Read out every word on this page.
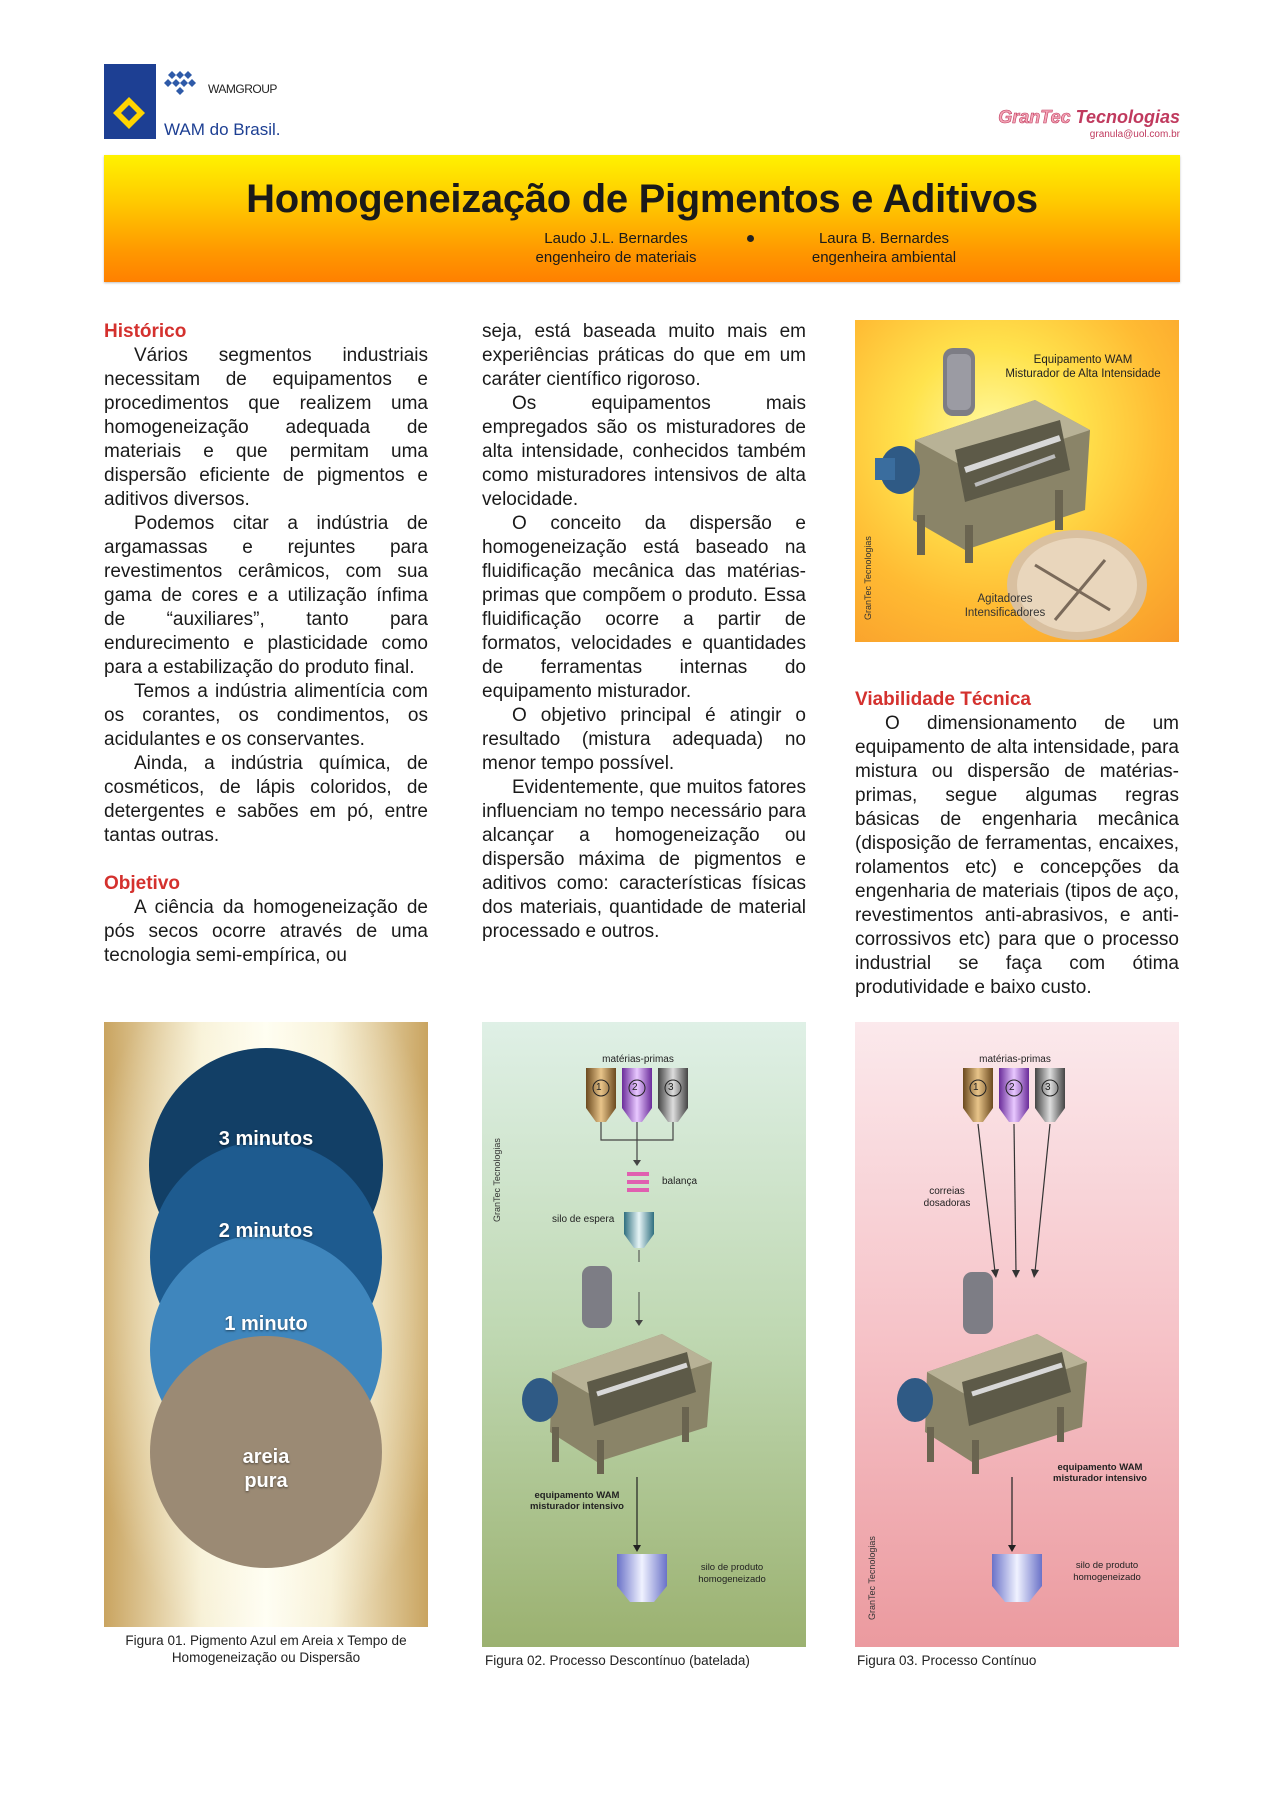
WAMGROUP
WAM do Brasil.
GranTec Tecnologias
granula@uol.com.br
Homogeneização de Pigmentos e Aditivos
Laudo J.L. Bernardes
engenheiro de materiais
Laura B. Bernardes
engenheira ambiental
Histórico

Vários segmentos industriais necessitam de equipamentos e procedimentos que realizem uma homogeneização adequada de materiais e que permitam uma dispersão eficiente de pigmentos e aditivos diversos.

Podemos citar a indústria de argamassas e rejuntes para revestimentos cerâmicos, com sua gama de cores e a utilização ínfima de “auxiliares”, tanto para endurecimento e plasticidade como para a estabilização do produto final.

Temos a indústria alimentícia com os corantes, os condimentos, os acidulantes e os conservantes.

Ainda, a indústria química, de cosméticos, de lápis coloridos, de detergentes e sabões em pó, entre tantas outras.

Objetivo

A ciência da homogeneização de pós secos ocorre através de uma tecnologia semi-empírica, ou

seja, está baseada muito mais em experiências práticas do que em um caráter científico rigoroso.

Os equipamentos mais empregados são os misturadores de alta intensidade, conhecidos também como misturadores intensivos de alta velocidade.

O conceito da dispersão e homogeneização está baseado na fluidificação mecânica das matérias-primas que compõem o produto. Essa fluidificação ocorre a partir de formatos, velocidades e quantidades de ferramentas internas do equipamento misturador.

O objetivo principal é atingir o resultado (mistura adequada) no menor tempo possível.

Evidentemente, que muitos fatores influenciam no tempo necessário para alcançar a homogeneização ou dispersão máxima de pigmentos e aditivos como: características físicas dos materiais, quantidade de material processado e outros.

Equipamento WAM
Misturador de Alta Intensidade
Agitadores
Intensificadores
GranTec Tecnologias
Viabilidade Técnica

O dimensionamento de um equipamento de alta intensidade, para mistura ou dispersão de matérias-primas, segue algumas regras básicas de engenharia mecânica (disposição de ferramentas, encaixes, rolamentos etc) e concepções da engenharia de materiais (tipos de aço, revestimentos anti-abrasivos, e anti-corrossivos etc) para que o processo industrial se faça com ótima produtividade e baixo custo.

3 minutos
2 minutos
1 minuto
areia
pura
Figura 01. Pigmento Azul em Areia x Tempo de
Homogeneização ou Dispersão
matérias-primas
1	2	3
balança
silo de espera
equipamento WAM
misturador intensivo
silo de produto
homogeneizado
GranTec Tecnologias
Figura 02. Processo Descontínuo (batelada)
matérias-primas
1	2	3
correias
dosadoras
equipamento WAM
misturador intensivo
silo de produto
homogeneizado
GranTec Tecnologias
Figura 03. Processo Contínuo
